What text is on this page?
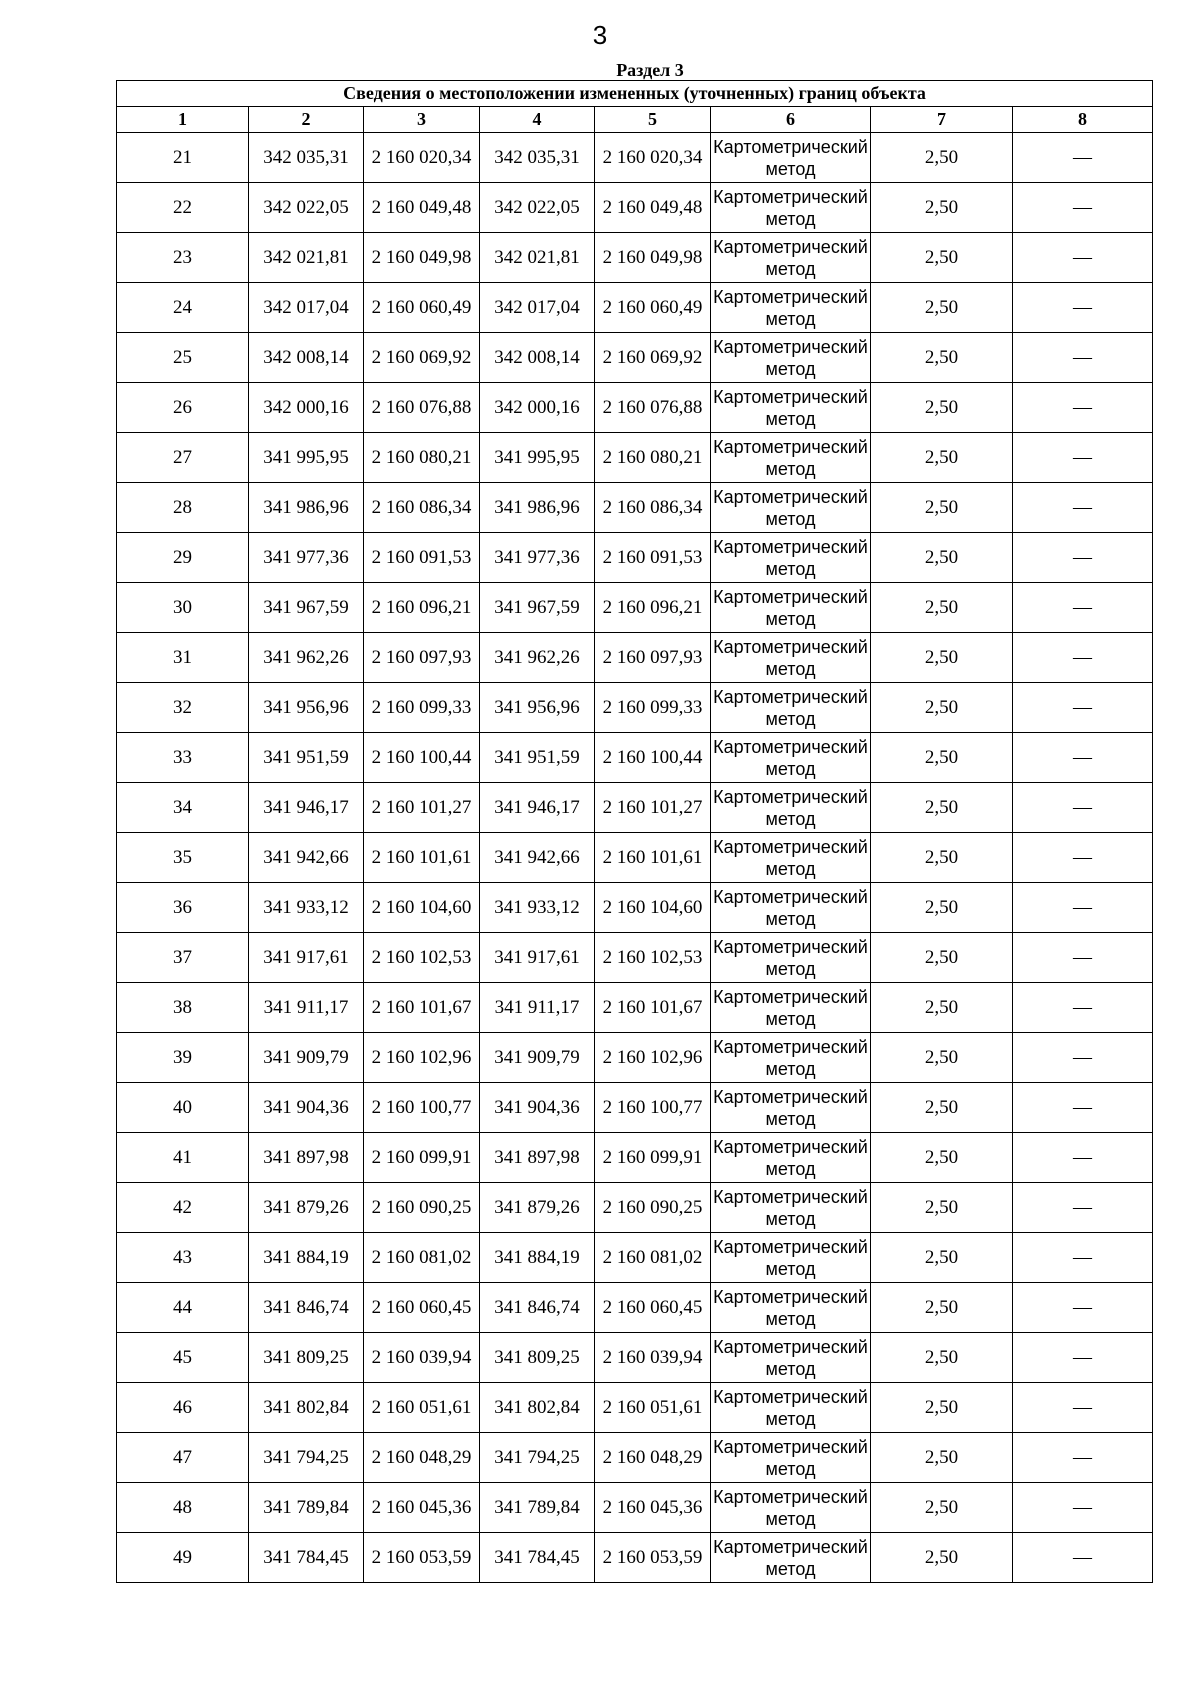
3
Раздел 3
Сведения о местоположении измененных (уточненных) границ объекта							
1	2	3	4	5	6	7	8
21	342 035,31	2 160 020,34	342 035,31	2 160 020,34	Картометрический метод	2,50	—
22	342 022,05	2 160 049,48	342 022,05	2 160 049,48	Картометрический метод	2,50	—
23	342 021,81	2 160 049,98	342 021,81	2 160 049,98	Картометрический метод	2,50	—
24	342 017,04	2 160 060,49	342 017,04	2 160 060,49	Картометрический метод	2,50	—
25	342 008,14	2 160 069,92	342 008,14	2 160 069,92	Картометрический метод	2,50	—
26	342 000,16	2 160 076,88	342 000,16	2 160 076,88	Картометрический метод	2,50	—
27	341 995,95	2 160 080,21	341 995,95	2 160 080,21	Картометрический метод	2,50	—
28	341 986,96	2 160 086,34	341 986,96	2 160 086,34	Картометрический метод	2,50	—
29	341 977,36	2 160 091,53	341 977,36	2 160 091,53	Картометрический метод	2,50	—
30	341 967,59	2 160 096,21	341 967,59	2 160 096,21	Картометрический метод	2,50	—
31	341 962,26	2 160 097,93	341 962,26	2 160 097,93	Картометрический метод	2,50	—
32	341 956,96	2 160 099,33	341 956,96	2 160 099,33	Картометрический метод	2,50	—
33	341 951,59	2 160 100,44	341 951,59	2 160 100,44	Картометрический метод	2,50	—
34	341 946,17	2 160 101,27	341 946,17	2 160 101,27	Картометрический метод	2,50	—
35	341 942,66	2 160 101,61	341 942,66	2 160 101,61	Картометрический метод	2,50	—
36	341 933,12	2 160 104,60	341 933,12	2 160 104,60	Картометрический метод	2,50	—
37	341 917,61	2 160 102,53	341 917,61	2 160 102,53	Картометрический метод	2,50	—
38	341 911,17	2 160 101,67	341 911,17	2 160 101,67	Картометрический метод	2,50	—
39	341 909,79	2 160 102,96	341 909,79	2 160 102,96	Картометрический метод	2,50	—
40	341 904,36	2 160 100,77	341 904,36	2 160 100,77	Картометрический метод	2,50	—
41	341 897,98	2 160 099,91	341 897,98	2 160 099,91	Картометрический метод	2,50	—
42	341 879,26	2 160 090,25	341 879,26	2 160 090,25	Картометрический метод	2,50	—
43	341 884,19	2 160 081,02	341 884,19	2 160 081,02	Картометрический метод	2,50	—
44	341 846,74	2 160 060,45	341 846,74	2 160 060,45	Картометрический метод	2,50	—
45	341 809,25	2 160 039,94	341 809,25	2 160 039,94	Картометрический метод	2,50	—
46	341 802,84	2 160 051,61	341 802,84	2 160 051,61	Картометрический метод	2,50	—
47	341 794,25	2 160 048,29	341 794,25	2 160 048,29	Картометрический метод	2,50	—
48	341 789,84	2 160 045,36	341 789,84	2 160 045,36	Картометрический метод	2,50	—
49	341 784,45	2 160 053,59	341 784,45	2 160 053,59	Картометрический метод	2,50	—
